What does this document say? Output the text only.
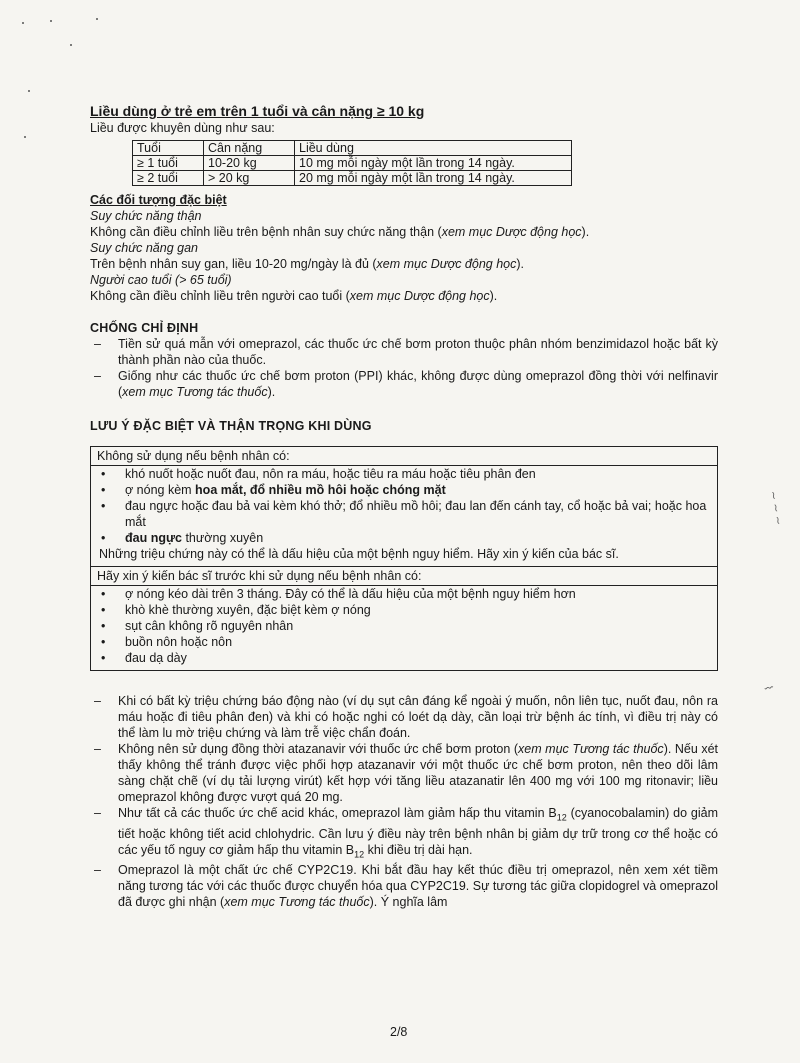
~ ~ ~
⌇
Liều dùng ở trẻ em trên 1 tuổi và cân nặng ≥ 10 kg

Liều được khuyên dùng như sau:

Tuổi	Cân nặng	Liều dùng
≥ 1 tuổi	10-20 kg	10 mg mỗi ngày một lần trong 14 ngày.
≥ 2 tuổi	> 20 kg	20 mg mỗi ngày một lần trong 14 ngày.
Các đối tượng đặc biệt

Suy chức năng thận

Không cần điều chỉnh liều trên bệnh nhân suy chức năng thận (xem mục Dược động học).

Suy chức năng gan

Trên bệnh nhân suy gan, liều 10-20 mg/ngày là đủ (xem mục Dược động học).

Người cao tuổi (> 65 tuổi)

Không cần điều chỉnh liều trên người cao tuổi (xem mục Dược động học).

CHỐNG CHỈ ĐỊNH

– Tiền sử quá mẫn với omeprazol, các thuốc ức chế bơm proton thuộc phân nhóm benzimidazol hoặc bất kỳ thành phần nào của thuốc.

– Giống như các thuốc ức chế bơm proton (PPI) khác, không được dùng omeprazol đồng thời với nelfinavir (xem mục Tương tác thuốc).

LƯU Ý ĐẶC BIỆT VÀ THẬN TRỌNG KHI DÙNG
Không sử dụng nếu bệnh nhân có:
• khó nuốt hoặc nuốt đau, nôn ra máu, hoặc tiêu ra máu hoặc tiêu phân đen
• ợ nóng kèm hoa mắt, đổ nhiều mồ hôi hoặc chóng mặt
• đau ngực hoặc đau bả vai kèm khó thở; đổ nhiều mồ hôi; đau lan đến cánh tay, cổ hoặc bả vai; hoặc hoa mắt
• đau ngực thường xuyên

Những triệu chứng này có thể là dấu hiệu của một bệnh nguy hiểm. Hãy xin ý kiến của bác sĩ.

Hãy xin ý kiến bác sĩ trước khi sử dụng nếu bệnh nhân có:
• ợ nóng kéo dài trên 3 tháng. Đây có thể là dấu hiệu của một bệnh nguy hiểm hơn
• khò khè thường xuyên, đặc biệt kèm ợ nóng
• sụt cân không rõ nguyên nhân
• buồn nôn hoặc nôn
• đau dạ dày

– Khi có bất kỳ triệu chứng báo động nào (ví dụ sụt cân đáng kể ngoài ý muốn, nôn liên tục, nuốt đau, nôn ra máu hoặc đi tiêu phân đen) và khi có hoặc nghi có loét dạ dày, cần loại trừ bệnh ác tính, vì điều trị này có thể làm lu mờ triệu chứng và làm trễ việc chẩn đoán.

– Không nên sử dụng đồng thời atazanavir với thuốc ức chế bơm proton (xem mục Tương tác thuốc). Nếu xét thấy không thể tránh được việc phối hợp atazanavir với một thuốc ức chế bơm proton, nên theo dõi lâm sàng chặt chẽ (ví dụ tải lượng virút) kết hợp với tăng liều atazanatir lên 400 mg với 100 mg ritonavir; liều omeprazol không được vượt quá 20 mg.

– Như tất cả các thuốc ức chế acid khác, omeprazol làm giảm hấp thu vitamin $B_{12}$ (cyanocobalamin) do giảm tiết hoặc không tiết acid chlohydric. Cần lưu ý điều này trên bệnh nhân bị giảm dự trữ trong cơ thể hoặc có các yếu tố nguy cơ giảm hấp thu vitamin $B_{12}$ khi điều trị dài hạn.

– Omeprazol là một chất ức chế CYP2C19. Khi bắt đầu hay kết thúc điều trị omeprazol, nên xem xét tiềm năng tương tác với các thuốc được chuyển hóa qua CYP2C19. Sự tương tác giữa clopidogrel và omeprazol đã được ghi nhận (xem mục Tương tác thuốc). Ý nghĩa lâm

2/8
